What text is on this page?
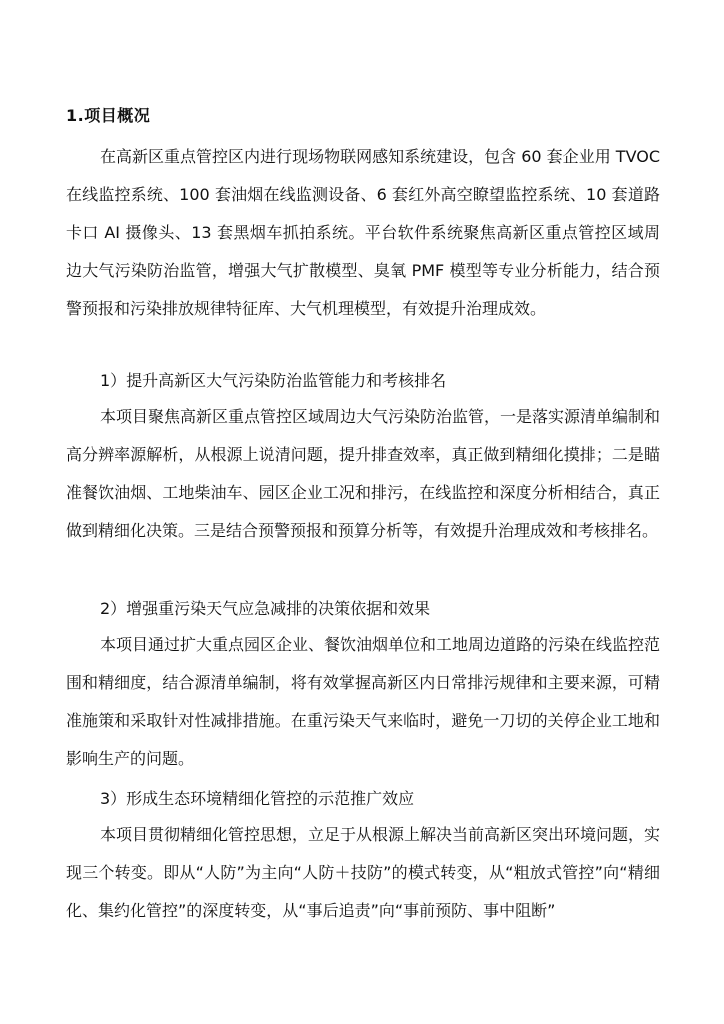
1.项目概况

在高新区重点管控区内进行现场物联网感知系统建设，包含 60 套企业用 TVOC 在线监控系统、100 套油烟在线监测设备、6 套红外高空瞭望监控系统、10 套道路卡口 AI 摄像头、13 套黑烟车抓拍系统。平台软件系统聚焦高新区重点管控区域周边大气污染防治监管，增强大气扩散模型、臭氧 PMF 模型等专业分析能力，结合预警预报和污染排放规律特征库、大气机理模型，有效提升治理成效。

1）提升高新区大气污染防治监管能力和考核排名

本项目聚焦高新区重点管控区域周边大气污染防治监管，一是落实源清单编制和高分辨率源解析，从根源上说清问题，提升排查效率，真正做到精细化摸排；二是瞄准餐饮油烟、工地柴油车、园区企业工况和排污，在线监控和深度分析相结合，真正做到精细化决策。三是结合预警预报和预算分析等，有效提升治理成效和考核排名。

2）增强重污染天气应急减排的决策依据和效果

本项目通过扩大重点园区企业、餐饮油烟单位和工地周边道路的污染在线监控范围和精细度，结合源清单编制，将有效掌握高新区内日常排污规律和主要来源，可精准施策和采取针对性减排措施。在重污染天气来临时，避免一刀切的关停企业工地和影响生产的问题。

3）形成生态环境精细化管控的示范推广效应

本项目贯彻精细化管控思想，立足于从根源上解决当前高新区突出环境问题，实现三个转变。即从“人防”为主向“人防＋技防”的模式转变，从“粗放式管控”向“精细化、集约化管控”的深度转变，从“事后追责”向“事前预防、事中阻断”
